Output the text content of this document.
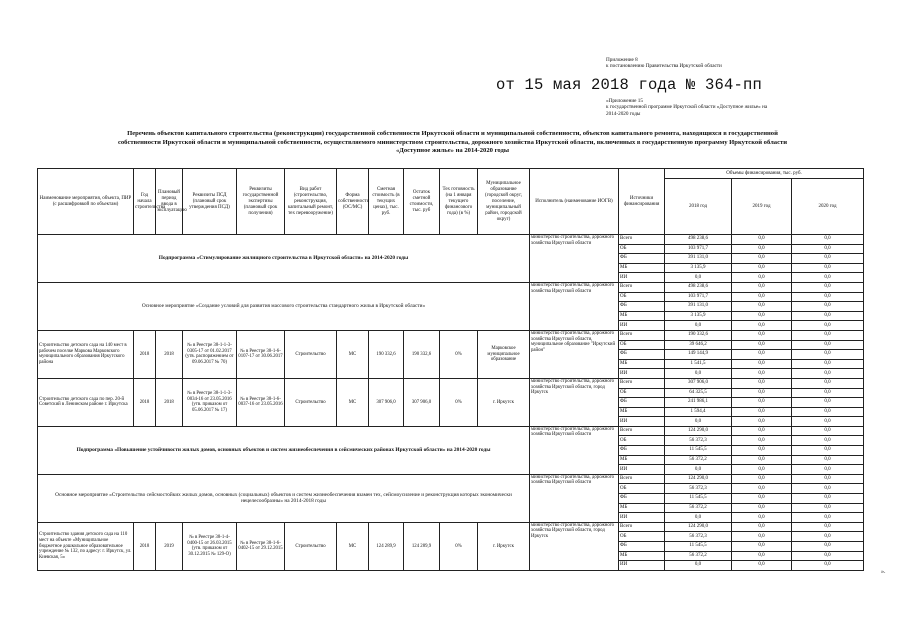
Приложение 8
к постановлению Правительства Иркутской области
от 15 мая 2018 года № 364-пп
«Приложение 15
к государственной программе Иркутской области «Доступное жилье» на
2014-2020 годы
Перечень объектов капитального строительства (реконструкции) государственной собственности Иркутской области и муниципальной собственности, объектов капитального ремонта, находящихся в государственной
собственности Иркутской области и муниципальной собственности, осуществляемого министерством строительства, дорожного хозяйства Иркутской области, включенных в государственную программу Иркутской области
«Доступное жилье» на 2014-2020 годы
Наименование мероприятия, объекта, ПИР (с расшифровкой по объектам)	Год начала строительства	Плановый период ввода в эксплуатацию	Реквизиты ПСД (плановый срок утверждения ПСД)	Реквизиты государственной экспертизы (плановый срок получения)	Вид работ (строительство, реконструкция, капитальный ремонт, тех перевооружение)	Форма собственности (ОС/МС)	Сметная стоимость (в текущих ценах), тыс. руб.	Остаток сметной стоимости, тыс. руб	Тех готовность (на 1 января текущего финансового года) (в %)	Муниципальное образование (городской округ, поселение, муниципальный район, городской округ)	Исполнитель (наименование ИОГВ)	Источники финансирования	Объемы финансирования, тыс. руб.		
													2018 год	2019 год	2020 год
Подпрограмма «Стимулирование жилищного строительства в Иркутской области» на 2014-2020 годы											министерство строительства, дорожного хозяйства Иркутской области	Всего	498 238,6	0,0	0,0
												ОБ	103 971,7	0,0	0,0
												ФБ	391 131,0	0,0	0,0
												МБ	3 135,9	0,0	0,0
												ИИ	0,0	0,0	0,0
Основное мероприятие «Создание условий для развития массового строительства стандартного жилья в Иркутской области»											министерство строительства, дорожного хозяйства Иркутской области	Всего	498 238,6	0,0	0,0
												ОБ	103 971,7	0,0	0,0
												ФБ	391 131,0	0,0	0,0
												МБ	3 135,9	0,0	0,0
												ИИ	0,0	0,0	0,0
Строительство детского сада на 140 мест в рабочем поселке Маркова Марковского муниципального образования Иркутского района	2018	2018	№ в Реестре 38-1-1-3-0305-17 от 01.02.2017 (утв. распоряжением от 09.06.2017 № 70)	№ в Реестре 38-1-6-0107-17 от 30.06.2017	Строительство	МС	190 332,6	190 332,6	0%	Марковское муниципальное образование	министерство строительства, дорожного хозяйства Иркутской области, муниципальное образование "Иркутский район"	Всего	190 332,6	0,0	0,0
												ОБ	39 646,2	0,0	0,0
												ФБ	149 144,9	0,0	0,0
												МБ	1 541,5	0,0	0,0
												ИИ	0,0	0,0	0,0
Строительство детского сада по пер. 20-й Советский в Ленинском районе г. Иркутска	2018	2018	№ в Реестре 38-1-1-3-0034-16 от 23.05.2016 (утв. приказом от 05.06.2017 № 17)	№ в Реестре 38-1-6-0037-16 от 23.05.2016	Строительство	МС	307 906,0	307 906,0	0%	г. Иркутск	министерство строительства, дорожного хозяйства Иркутской области, город Иркутск	Всего	307 906,0	0,0	0,0
												ОБ	64 325,5	0,0	0,0
												ФБ	241 986,1	0,0	0,0
												МБ	1 594,4	0,0	0,0
												ИИ	0,0	0,0	0,0
Подпрограмма «Повышение устойчивости жилых домов, основных объектов и систем жизнеобеспечения в сейсмических районах Иркутской области» на 2014-2020 годы											министерство строительства, дорожного хозяйства Иркутской области	Всего	124 290,0	0,0	0,0
												ОБ	56 372,3	0,0	0,0
												ФБ	11 545,5	0,0	0,0
												МБ	56 372,2	0,0	0,0
												ИИ	0,0	0,0	0,0
Основное мероприятие «Строительство сейсмостойких жилых домов, основных (социальных) объектов и систем жизнеобеспечения взамен тех, сейсмоусиление и реконструкция которых экономически нецелесообразны» на 2014-2018 годы											министерство строительства, дорожного хозяйства Иркутской области	Всего	124 290,0	0,0	0,0
												ОБ	56 372,3	0,0	0,0
												ФБ	11 545,5	0,0	0,0
												МБ	56 372,2	0,0	0,0
												ИИ	0,0	0,0	0,0
Строительство здания детского сада на 110 мест на объекте «Муниципальное бюджетное дошкольное образовательное учреждение № 132, по адресу: г. Иркутск, ул. Киевская, 5»	2018	2019	№ в Реестре 38-1-4-0400-15 от 26.03.2015 (утв. приказом от 30.12.2015 № 129-О)	№ в Реестре 38-1-6-0402-15 от 29.12.2015	Строительство	МС	124 289,9	124 289,9	0%	г. Иркутск	министерство строительства, дорожного хозяйства Иркутской области, город Иркутск	Всего	124 290,0	0,0	0,0
												ОБ	56 372,3	0,0	0,0
												ФБ	11 545,5	0,0	0,0
												МБ	56 372,2	0,0	0,0
												ИИ	0,0	0,0	0,0
».
